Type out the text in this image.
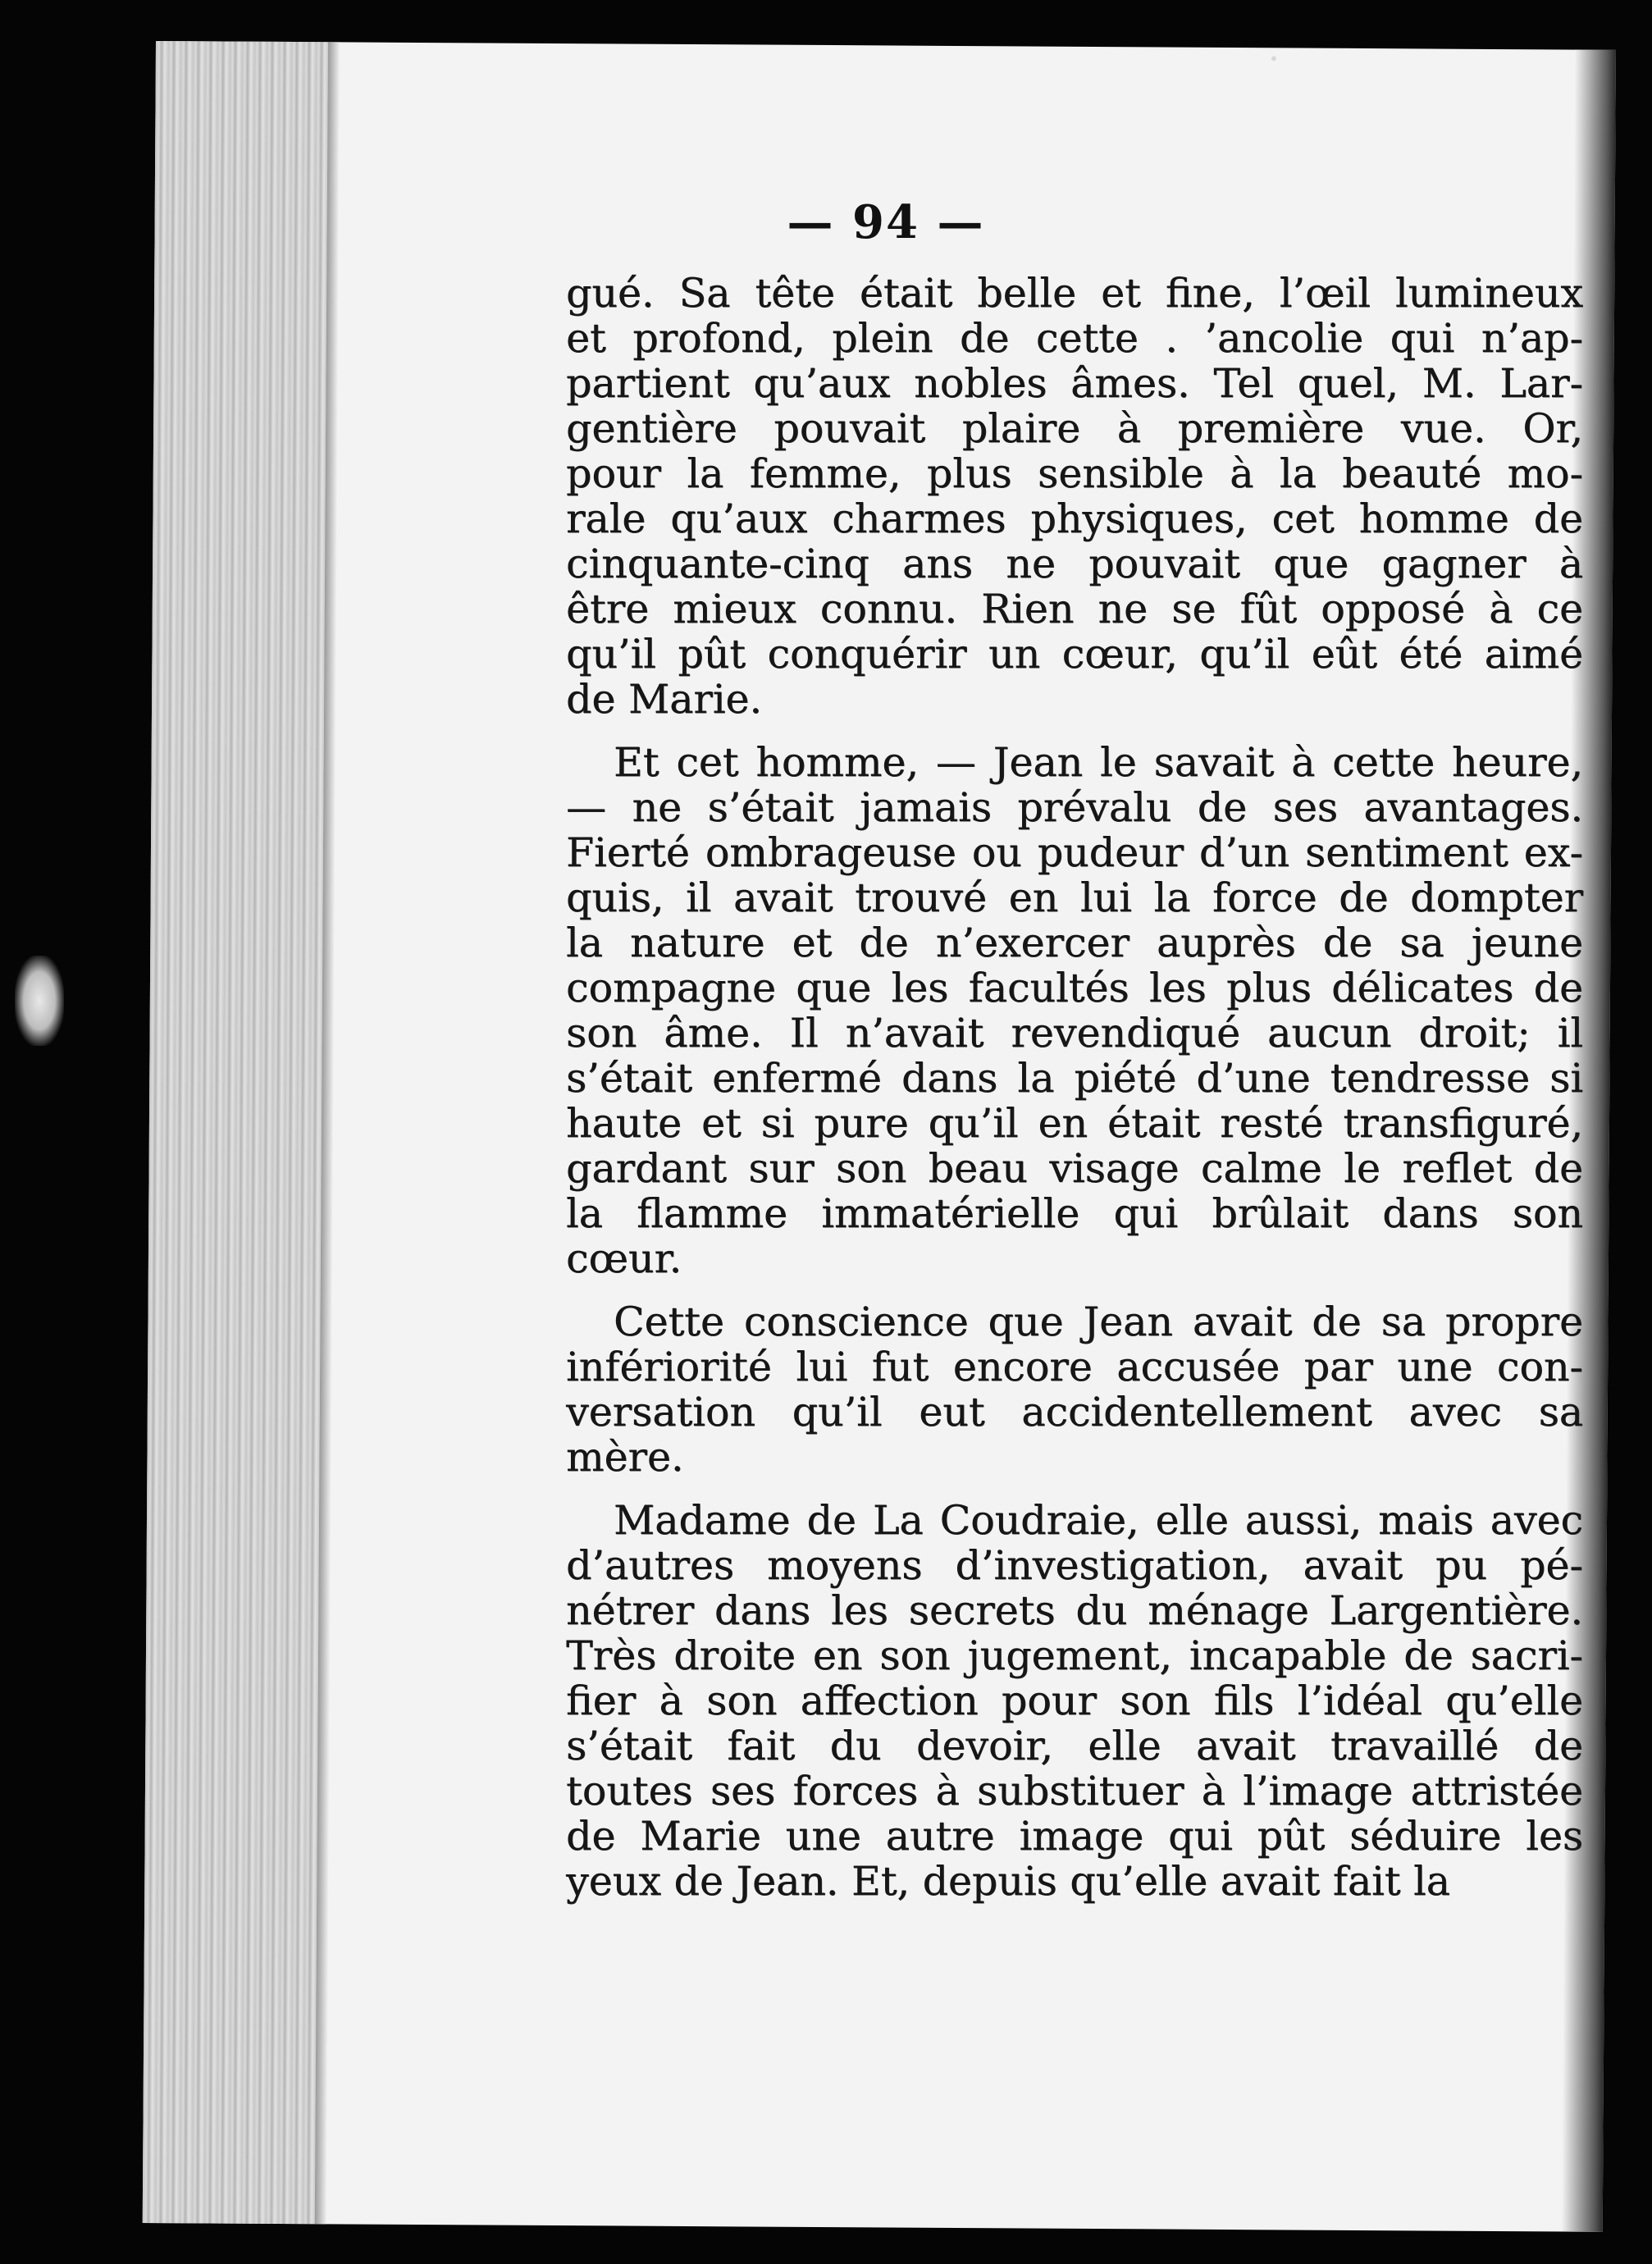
— 94 —
gué. Sa tête était belle et fine, l’œil lumineux
et profond, plein de cette . ’ancolie qui n’ap-
partient qu’aux nobles âmes. Tel quel, M. Lar-
gentière pouvait plaire à première vue. Or,
pour la femme, plus sensible à la beauté mo-
rale qu’aux charmes physiques, cet homme de
cinquante-cinq ans ne pouvait que gagner à
être mieux connu. Rien ne se fût opposé à ce
qu’il pût conquérir un cœur, qu’il eût été aimé
de Marie.
Et cet homme, — Jean le savait à cette heure,
— ne s’était jamais prévalu de ses avantages.
Fierté ombrageuse ou pudeur d’un sentiment ex-
quis, il avait trouvé en lui la force de dompter
la nature et de n’exercer auprès de sa jeune
compagne que les facultés les plus délicates de
son âme. Il n’avait revendiqué aucun droit; il
s’était enfermé dans la piété d’une tendresse si
haute et si pure qu’il en était resté transfiguré,
gardant sur son beau visage calme le reflet de
la flamme immatérielle qui brûlait dans son
cœur.
Cette conscience que Jean avait de sa propre
infériorité lui fut encore accusée par une con-
versation qu’il eut accidentellement avec sa
mère.
Madame de La Coudraie, elle aussi, mais avec
d’autres moyens d’investigation, avait pu pé-
nétrer dans les secrets du ménage Largentière.
Très droite en son jugement, incapable de sacri-
fier à son affection pour son fils l’idéal qu’elle
s’était fait du devoir, elle avait travaillé de
toutes ses forces à substituer à l’image attristée
de Marie une autre image qui pût séduire les
yeux de Jean. Et, depuis qu’elle avait fait la
